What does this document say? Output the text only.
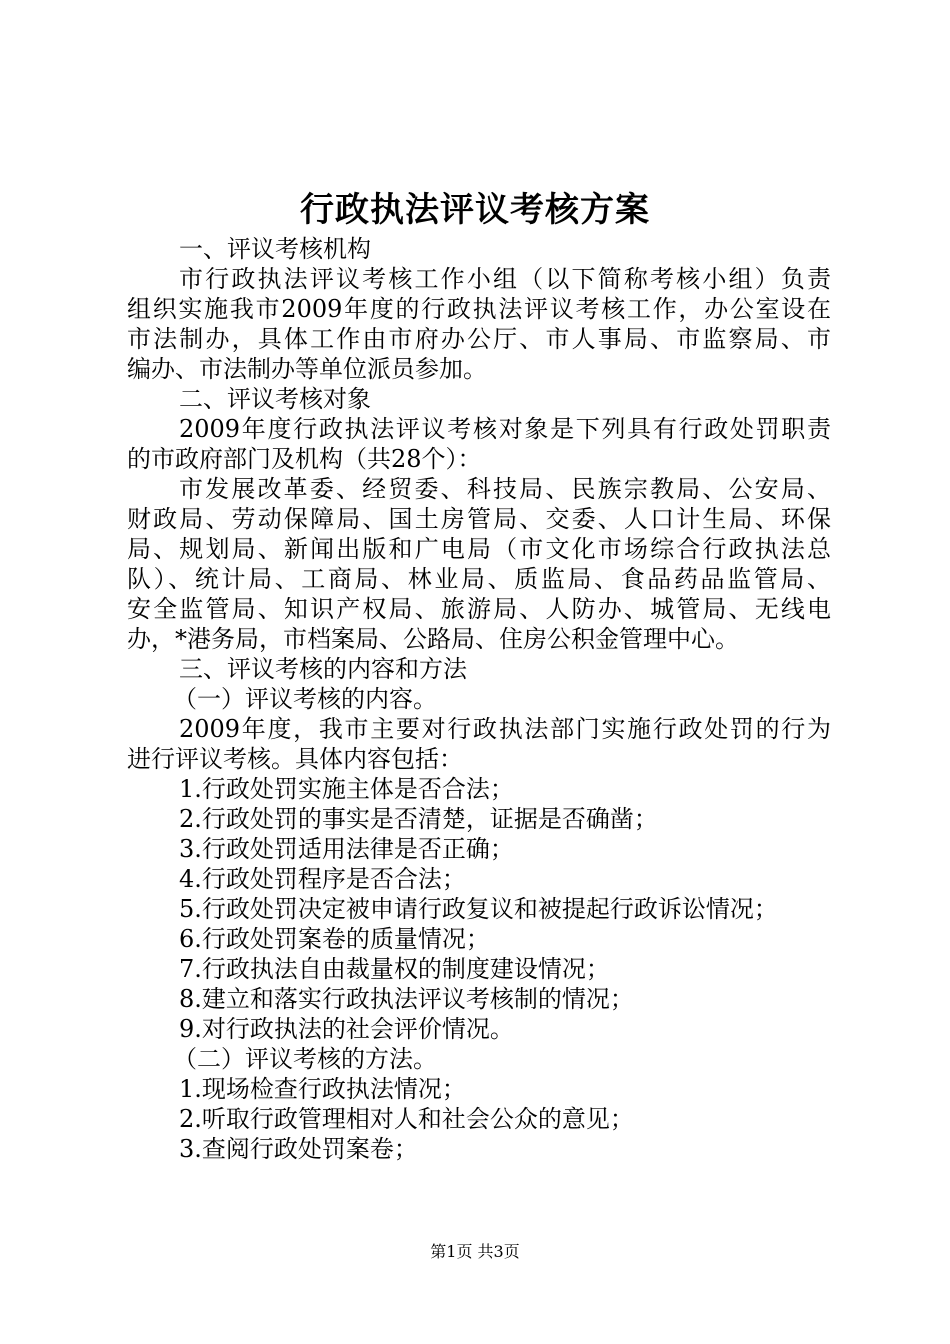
行政执法评议考核方案
一、评议考核机构
市行政执法评议考核工作小组（以下简称考核小组）负责
组织实施我市2009年度的行政执法评议考核工作，办公室设在
市法制办，具体工作由市府办公厅、市人事局、市监察局、市
编办、市法制办等单位派员参加。
二、评议考核对象
2009年度行政执法评议考核对象是下列具有行政处罚职责
的市政府部门及机构（共28个）：
市发展改革委、经贸委、科技局、民族宗教局、公安局、
财政局、劳动保障局、国土房管局、交委、人口计生局、环保
局、规划局、新闻出版和广电局（市文化市场综合行政执法总
队）、统计局、工商局、林业局、质监局、食品药品监管局、
安全监管局、知识产权局、旅游局、人防办、城管局、无线电
办，*港务局，市档案局、公路局、住房公积金管理中心。
三、评议考核的内容和方法
（一）评议考核的内容。
2009年度，我市主要对行政执法部门实施行政处罚的行为
进行评议考核。具体内容包括：
1.行政处罚实施主体是否合法；
2.行政处罚的事实是否清楚，证据是否确凿；
3.行政处罚适用法律是否正确；
4.行政处罚程序是否合法；
5.行政处罚决定被申请行政复议和被提起行政诉讼情况；
6.行政处罚案卷的质量情况；
7.行政执法自由裁量权的制度建设情况；
8.建立和落实行政执法评议考核制的情况；
9.对行政执法的社会评价情况。
（二）评议考核的方法。
1.现场检查行政执法情况；
2.听取行政管理相对人和社会公众的意见；
3.查阅行政处罚案卷；
第1页 共3页
